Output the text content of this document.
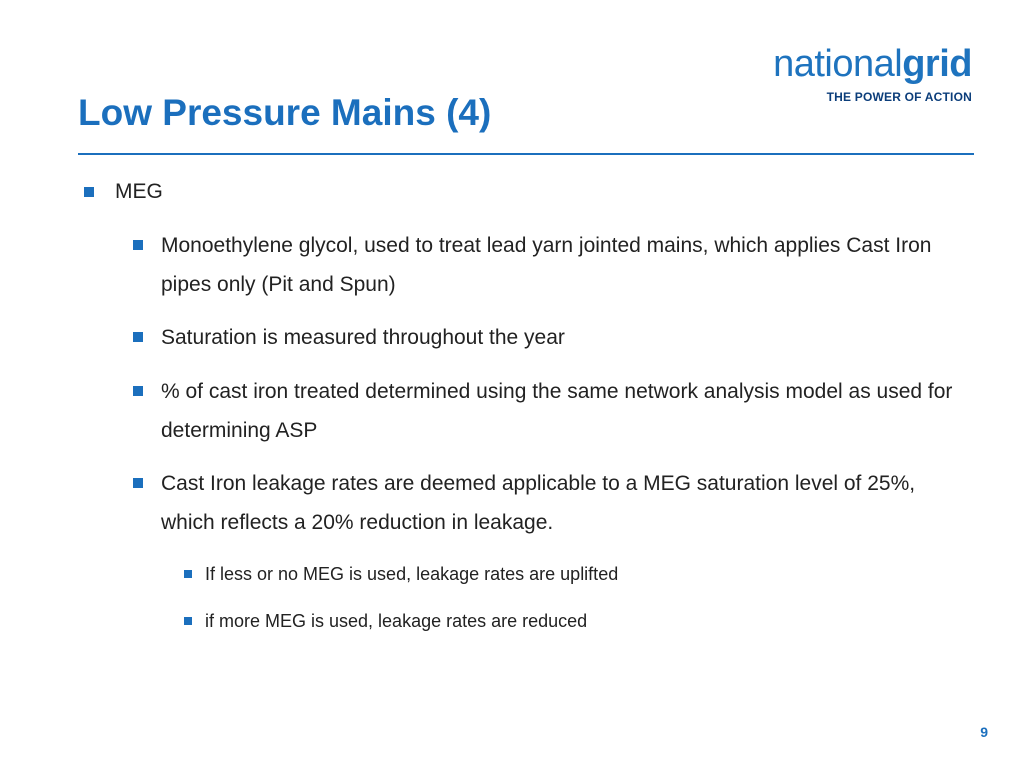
nationalgrid
THE POWER OF ACTION
Low Pressure Mains (4)
MEG
Monoethylene glycol, used to treat lead yarn jointed mains, which applies Cast Iron pipes only (Pit and Spun)
Saturation is measured throughout the year
% of cast iron treated determined using the same network analysis model as used for determining ASP
Cast Iron leakage rates are deemed applicable to a MEG saturation level of 25%, which reflects a 20% reduction in leakage.
If less or no MEG is used, leakage rates are uplifted
if more MEG is used, leakage rates are reduced
9
